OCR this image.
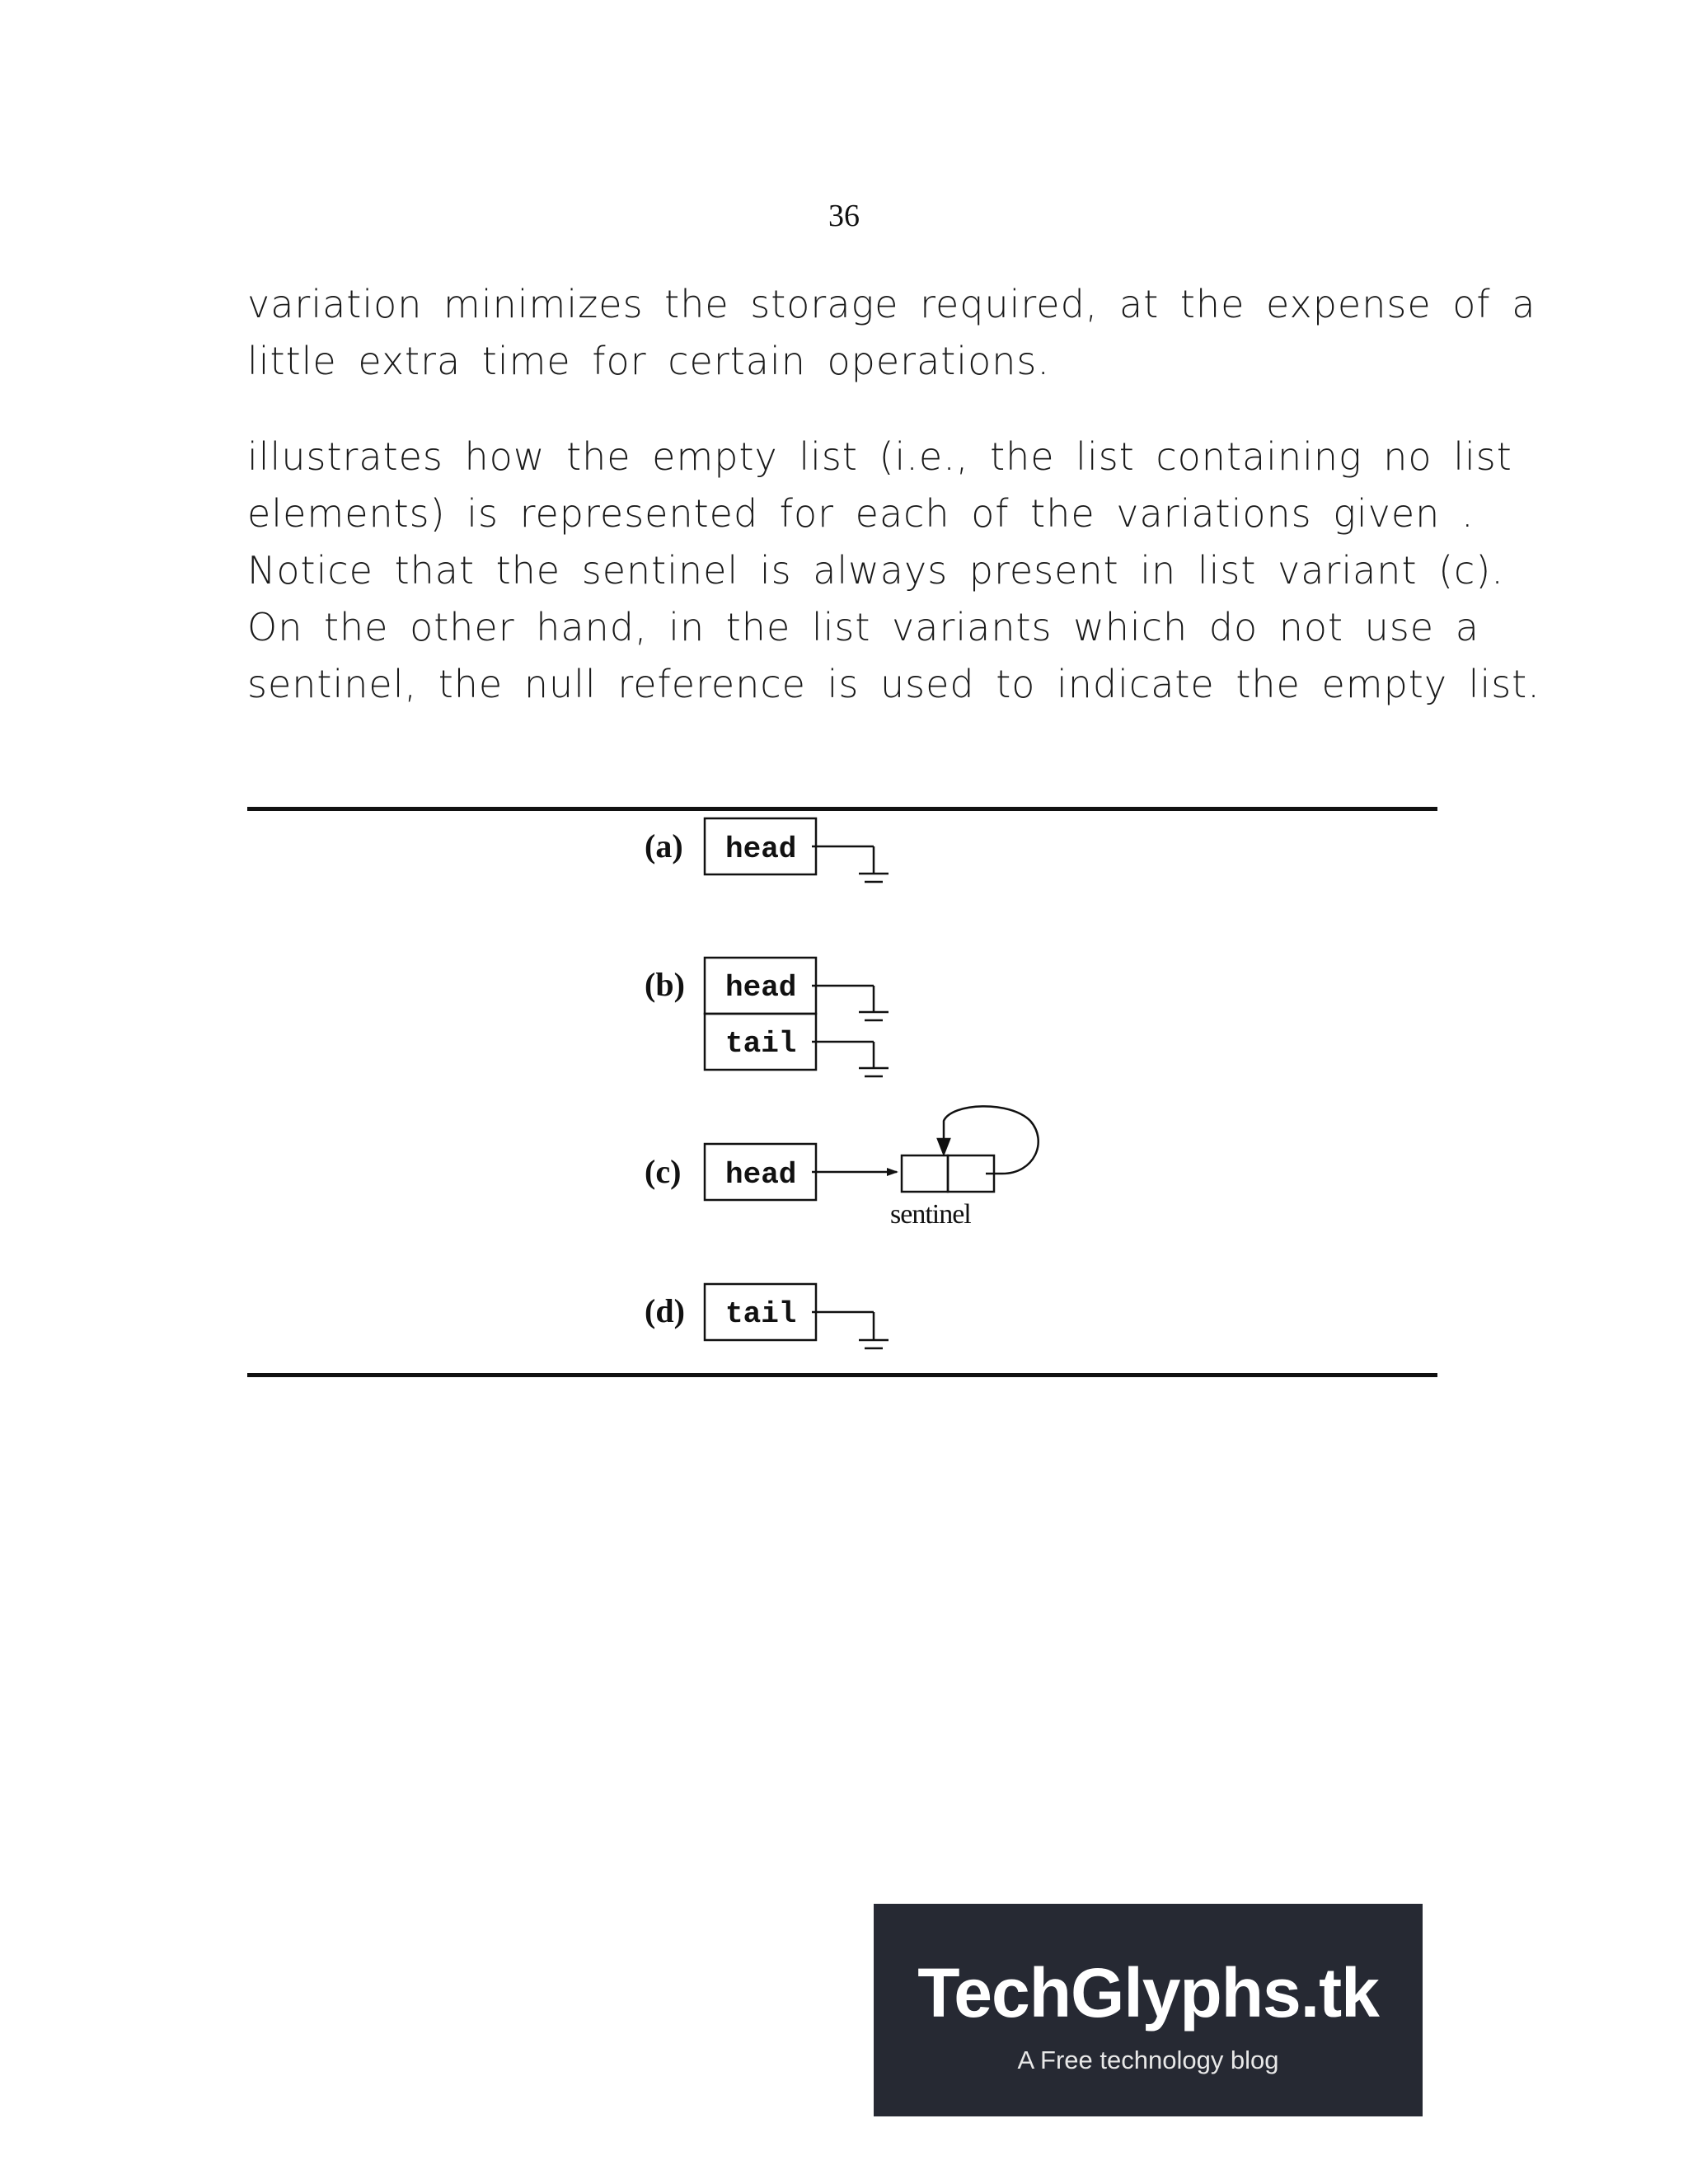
36
variation minimizes the storage required, at the expense of a
little extra time for certain operations.
illustrates how the empty list (i.e., the list containing no list
elements) is represented for each of the variations given .
Notice that the sentinel is always present in list variant (c).
On the other hand, in the list variants which do not use a
sentinel, the null reference is used to indicate the empty list.
(a) head
(b) head
tail
(c) head
sentinel
(d) tail
TechGlyphs.tk
A Free technology blog
